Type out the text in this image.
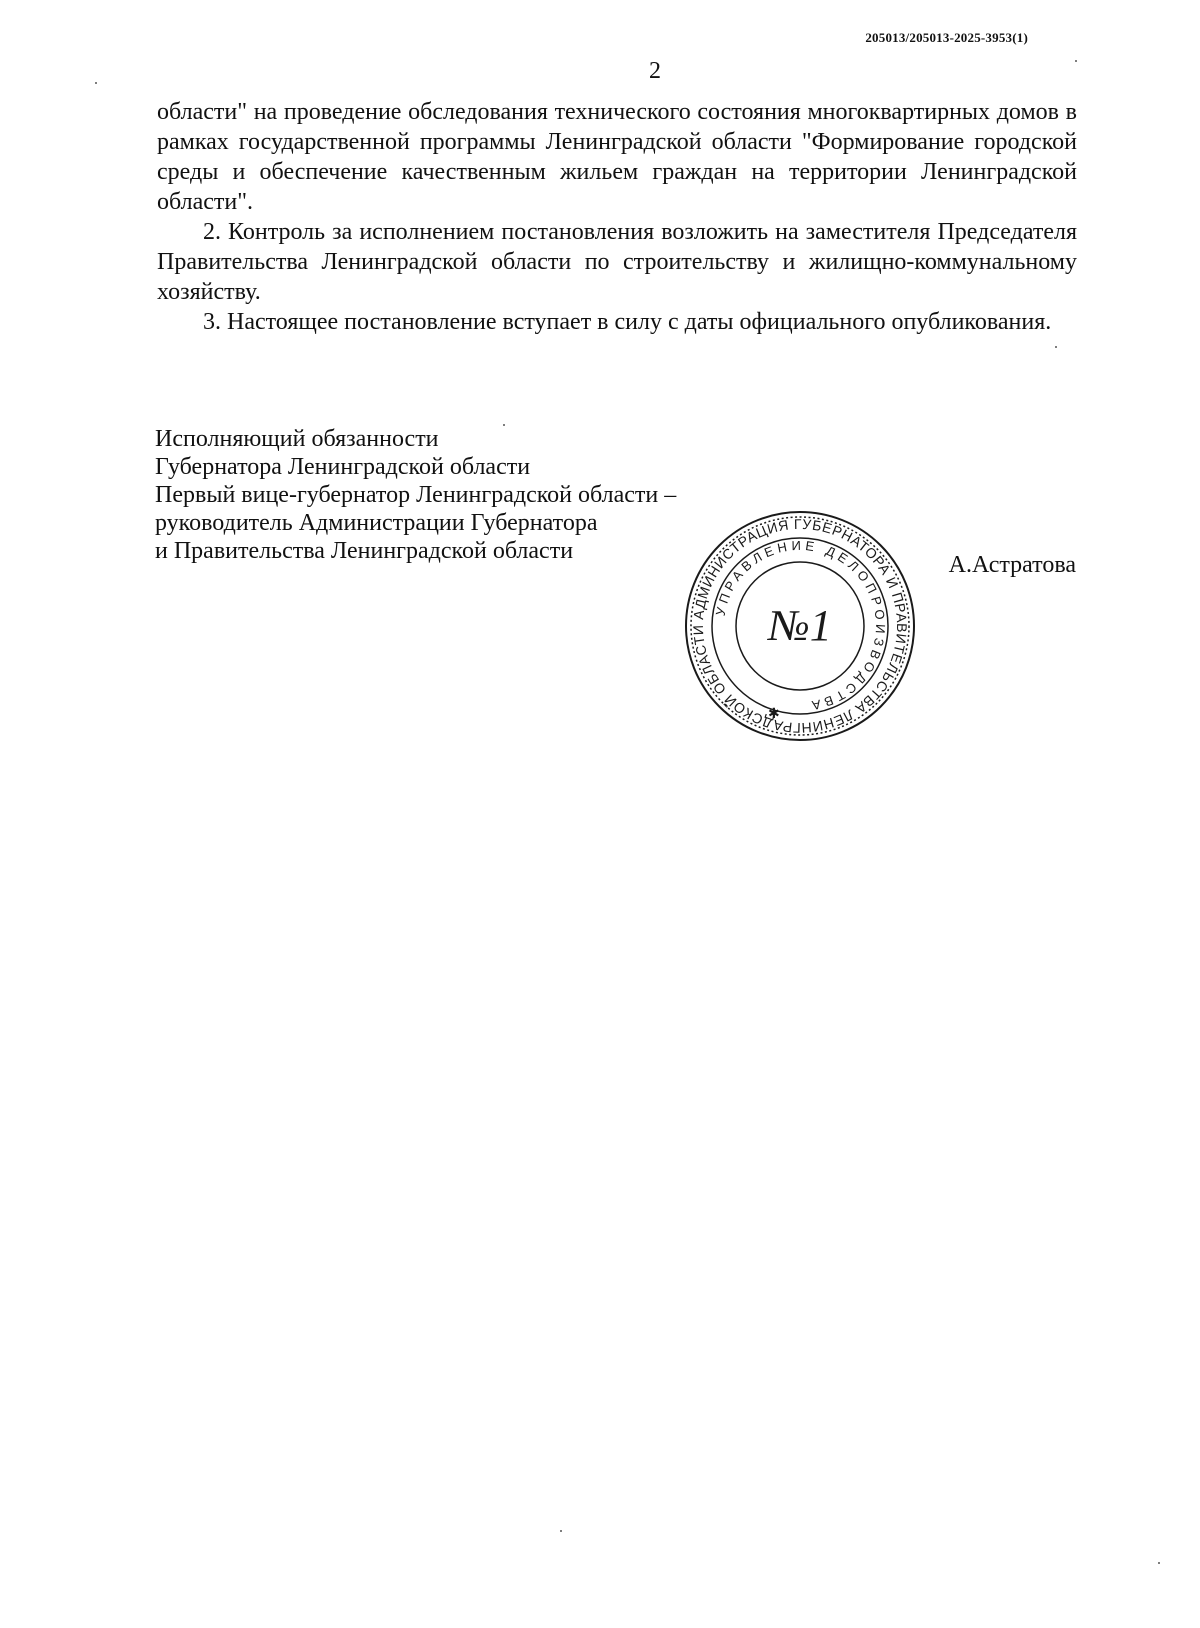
205013/205013-2025-3953(1)
2

области" на проведение обследования технического состояния многоквартирных домов в рамках государственной программы Ленинградской области "Формирование городской среды и обеспечение качественным жильем граждан на территории Ленинградской области".

2. Контроль за исполнением постановления возложить на заместителя Председателя Правительства Ленинградской области по строительству и жилищно-коммунальному хозяйству.

3. Настоящее постановление вступает в силу с даты официального опубликования.

Исполняющий обязанности
Губернатора Ленинградской области
Первый вице-губернатор Ленинградской области –
руководитель Администрации Губернатора
и Правительства Ленинградской области
А.Астратова
АДМИНИСТРАЦИЯ ГУБЕРНАТОРА И ПРАВИТЕЛЬСТВА ЛЕНИНГРАДСКОЙ ОБЛАСТИ
УПРАВЛЕНИЕ ДЕЛОПРОИЗВОДСТВА
✱
№1
